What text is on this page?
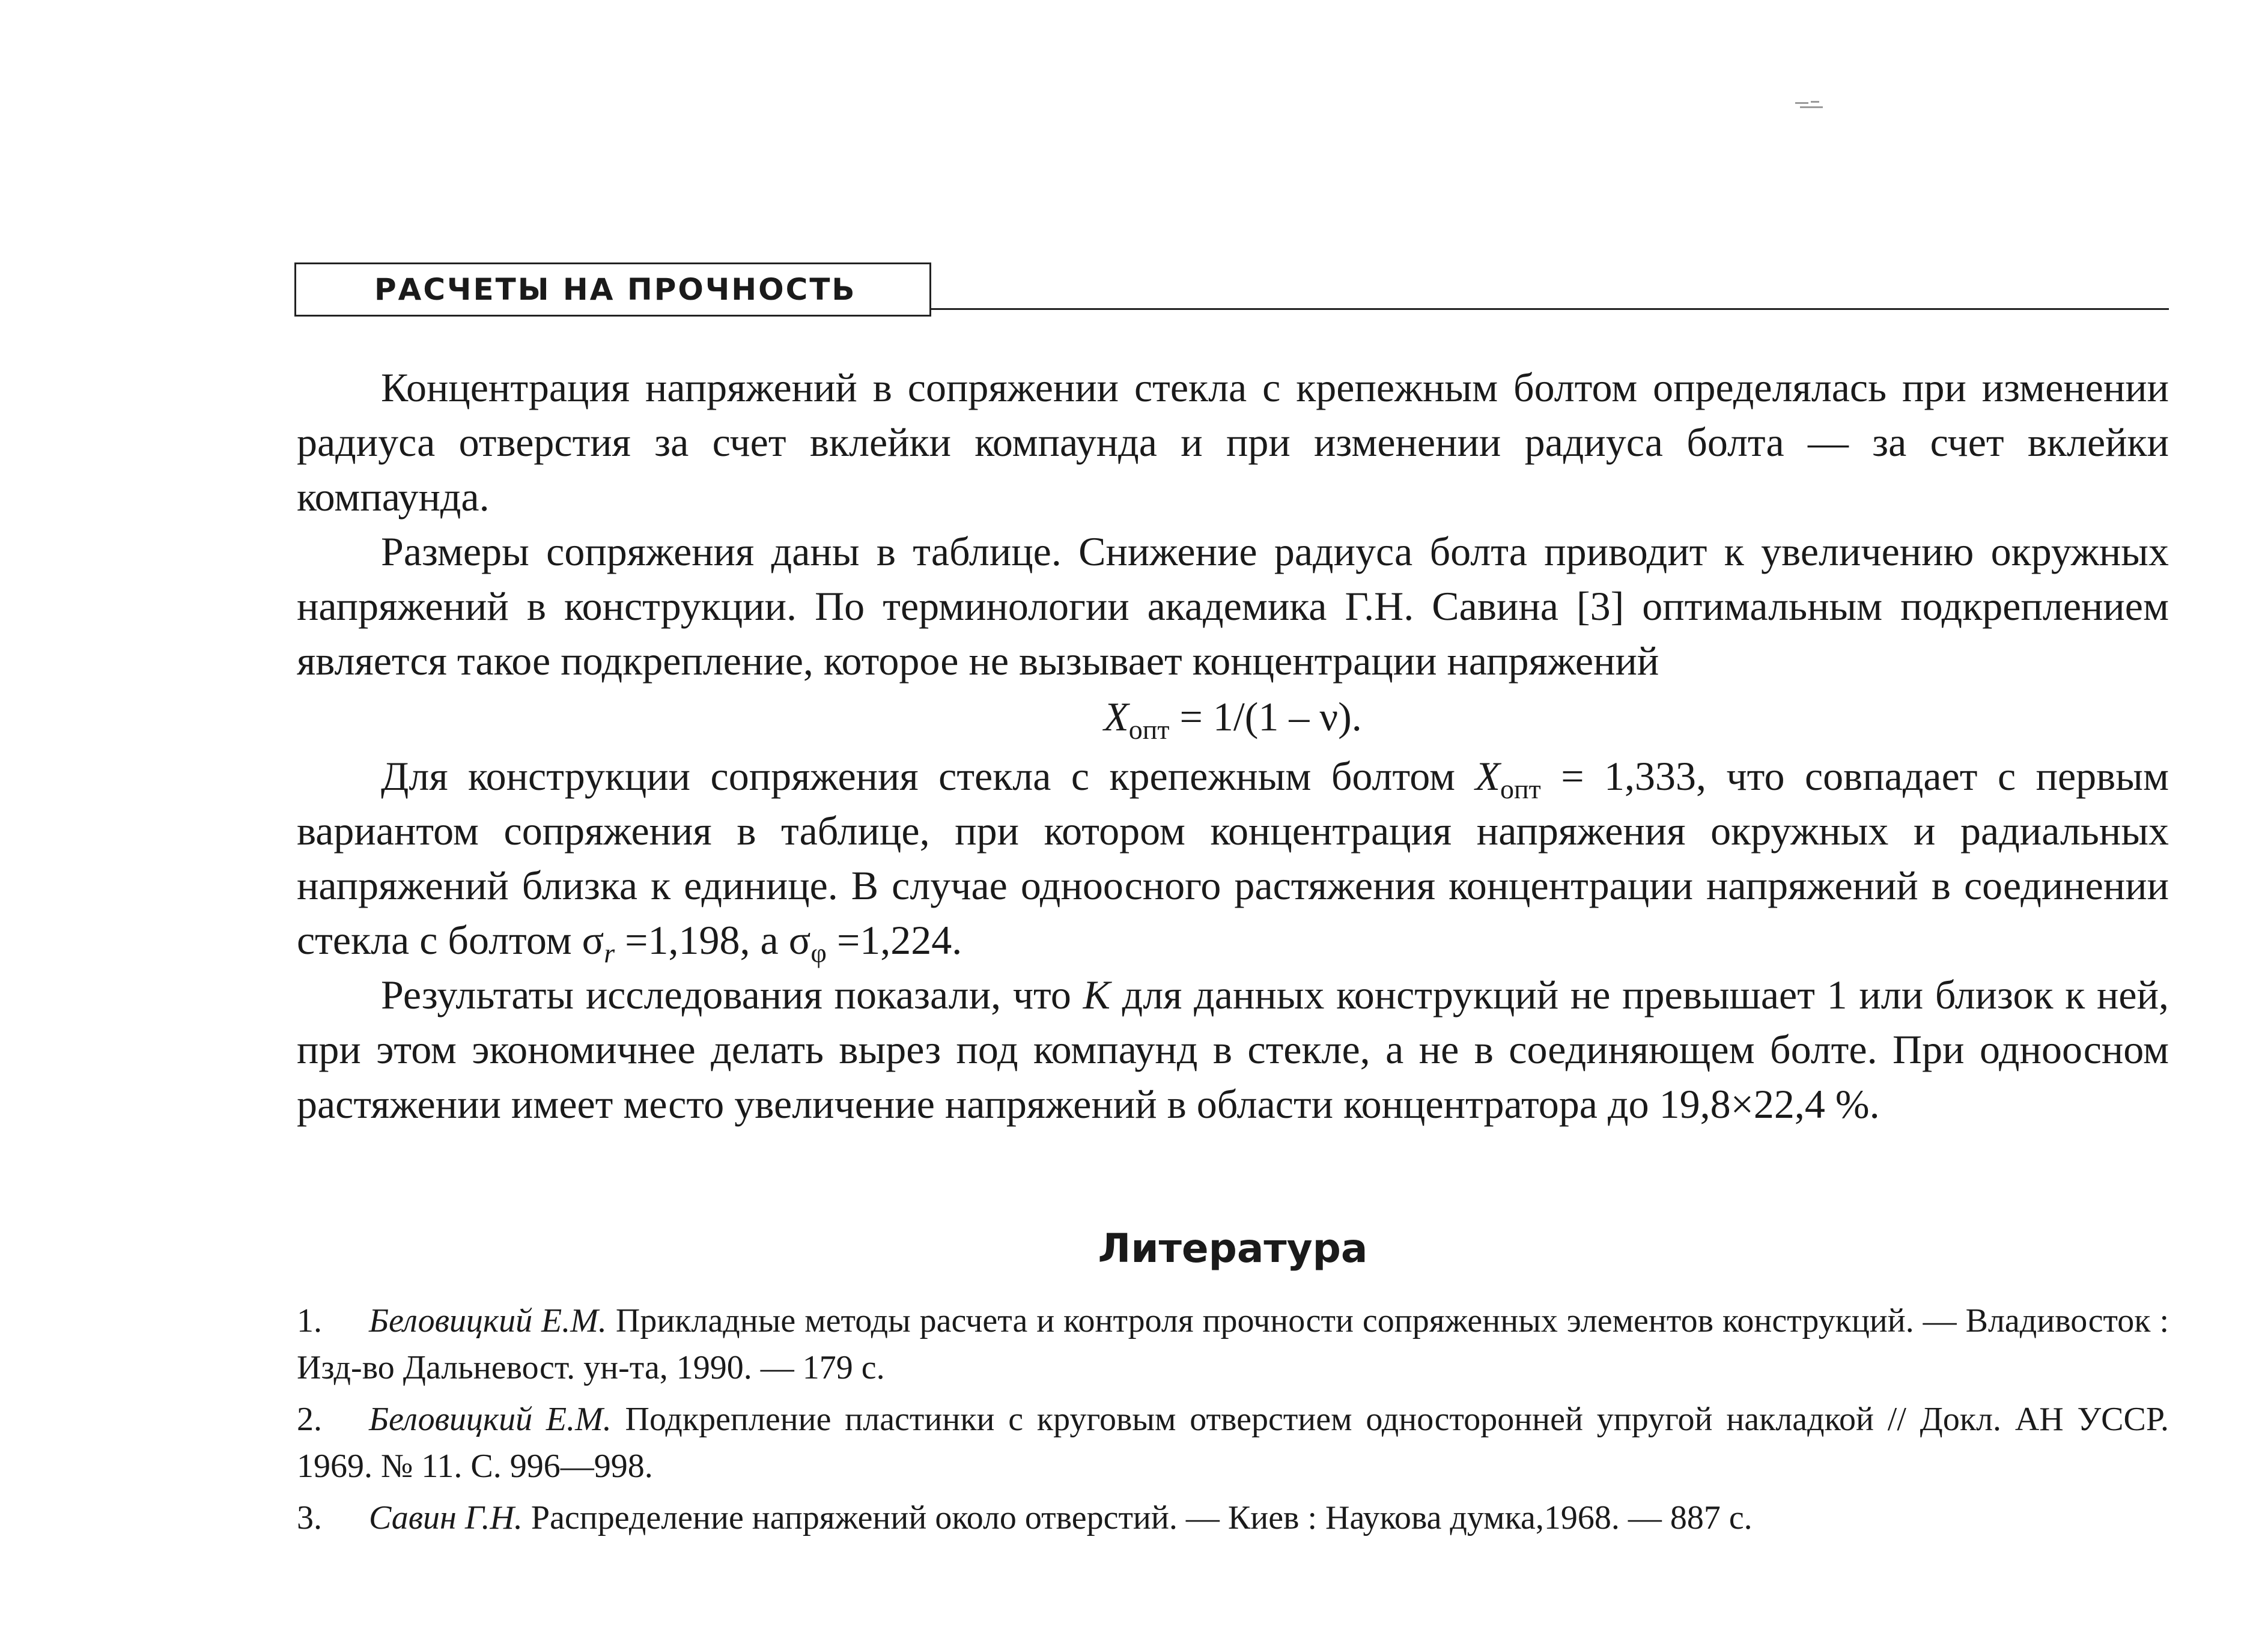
РАСЧЕТЫ НА ПРОЧНОСТЬ

Концентрация напряжений в сопряжении стекла с крепежным болтом определялась при изменении радиуса отверстия за счет вклейки компаунда и при изменении радиуса болта — за счет вклейки компаунда.

Размеры сопряжения даны в таблице. Снижение радиуса болта приводит к увеличению окружных напряжений в конструкции. По терминологии академика Г.Н. Савина [3] оптимальным подкреплением является такое подкрепление, которое не вызывает концентрации напряжений

$X_{опт} = 1/(1 - \nu)$.

Для конструкции сопряжения стекла с крепежным болтом $X_{опт} = 1,333$, что совпадает с первым вариантом сопряжения в таблице, при котором концентрация напряжения окружных и радиальных напряжений близка к единице. В случае одноосного растяжения концентрации напряжений в соединении стекла с болтом $\sigma_r =1,198$, а $\sigma_\varphi =1,224$.

Результаты исследования показали, что K для данных конструкций не превышает 1 или близок к ней, при этом экономичнее делать вырез под компаунд в стекле, а не в соединяющем болте. При одноосном растяжении имеет место увеличение напряжений в области концентратора до 19,8×22,4 %.

Литература
1. Беловицкий Е.М. Прикладные методы расчета и контроля прочности сопряженных элементов конструкций. — Владивосток : Изд-во Дальневост. ун-та, 1990. — 179 с.
2. Беловицкий Е.М. Подкрепление пластинки с круговым отверстием односторонней упругой накладкой // Докл. АН УССР. 1969. № 11. С. 996—998.
3. Савин Г.Н. Распределение напряжений около отверстий. — Киев : Наукова думка,1968. — 887 с.
